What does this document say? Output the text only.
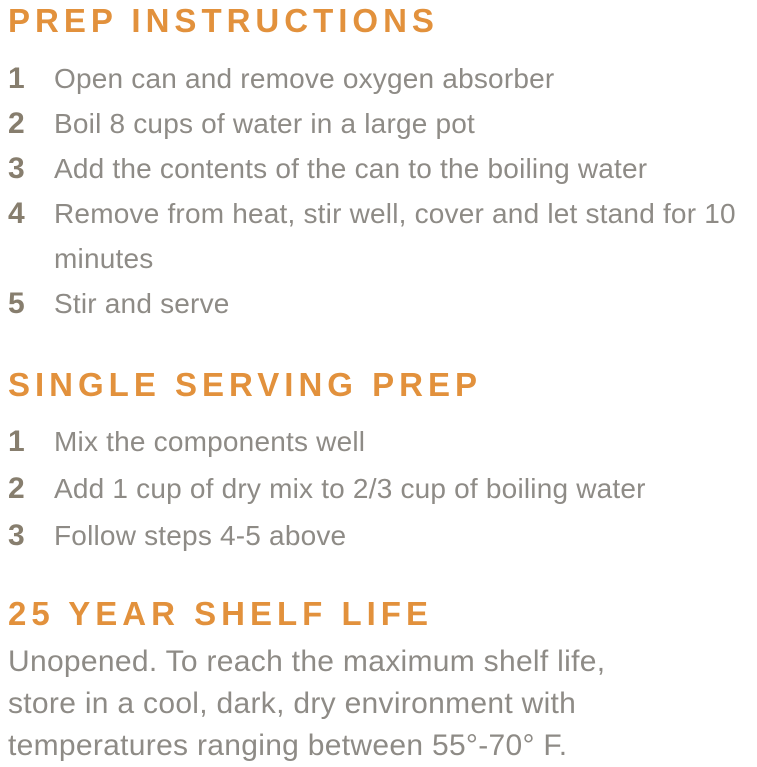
PREP INSTRUCTIONS
1	Open can and remove oxygen absorber
2	Boil 8 cups of water in a large pot
3	Add the contents of the can to the boiling water
4	Remove from heat, stir well, cover and let stand for 10 minutes
5	Stir and serve
SINGLE SERVING PREP
1	Mix the components well
2	Add 1 cup of dry mix to 2/3 cup of boiling water
3	Follow steps 4-5 above
25 YEAR SHELF LIFE

Unopened. To reach the maximum shelf life,
store in a cool, dark, dry environment with
temperatures ranging between 55°-70° F.
